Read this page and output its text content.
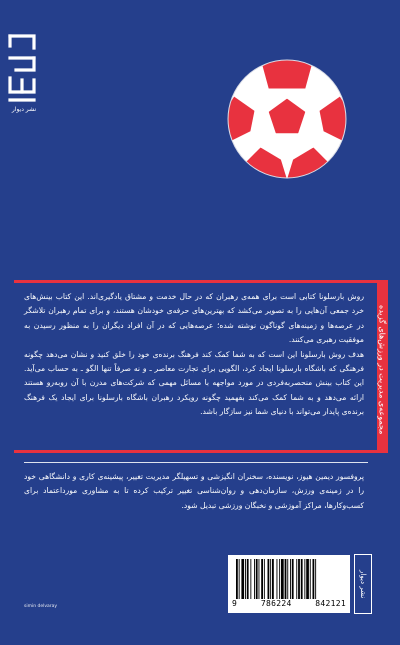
نشر دیوار
مجموعه‌ی مدیریت در ورزش‌های گزیده

روش بارسلونا کتابی است برای همه‌ی رهبران که در حال خدمت و مشتاق یادگیری‌اند. این کتاب بینش‌های خرد جمعی آن‌هایی را به تصویر می‌کشد که بهترین‌های حرفه‌ی خودشان هستند، و برای تمام رهبران تلاشگر در عرصه‌ها و زمینه‌های گوناگون نوشته شده؛ عرصه‌هایی که در آن افراد دیگران را به منظور رسیدن به موفقیت رهبری می‌کنند.

هدف روش بارسلونا این است که به شما کمک کند فرهنگ برنده‌ی خود را خلق کنید و نشان می‌دهد چگونه فرهنگی که باشگاه بارسلونا ایجاد کرد، الگویی برای تجارت معاصر ـ و نه صرفاً تنها الگو ـ به حساب می‌آید. این کتاب بینش منحصربه‌فردی در مورد مواجهه با مسائل مهمی که شرکت‌های مدرن با آن روبه‌رو هستند ارائه می‌دهد و به شما کمک می‌کند بفهمید چگونه رویکرد رهبران باشگاه بارسلونا برای ایجاد یک فرهنگ برنده‌ی پایدار می‌تواند با دنیای شما نیز سازگار باشد.

پروفسور دیمین هیوز، نویسنده، سخنران انگیزشی و تسهیلگر مدیریت تغییر، پیشینه‌ی کاری و دانشگاهی خود را در زمینه‌ی ورزش، سازمان‌دهی و روان‌شناسی تغییر ترکیب کرده تا به مشاوری مورداعتماد برای کسب‌وکارها، مراکز آموزشی و نخبگان ورزشی تبدیل شود.

نشر دیوار
9	786224	842121
simin delvaray
